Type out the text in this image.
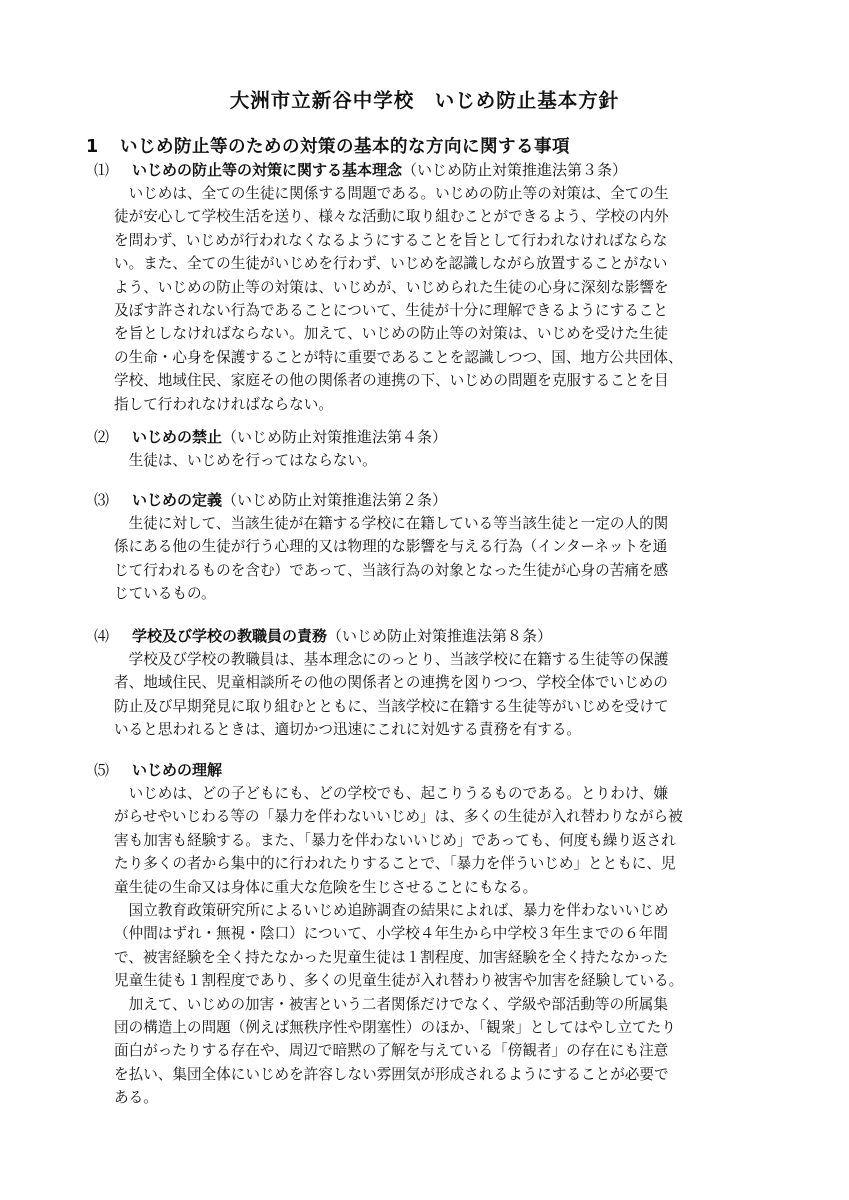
大洲市立新谷中学校　いじめ防止基本方針
1 いじめ防止等のための対策の基本的な方向に関する事項
⑴ いじめの防止等の対策に関する基本理念（いじめ防止対策推進法第３条）
　いじめは、全ての生徒に関係する問題である。いじめの防止等の対策は、全ての生
徒が安心して学校生活を送り、様々な活動に取り組むことができるよう、学校の内外
を問わず、いじめが行われなくなるようにすることを旨として行われなければならな
い。また、全ての生徒がいじめを行わず、いじめを認識しながら放置することがない
よう、いじめの防止等の対策は、いじめが、いじめられた生徒の心身に深刻な影響を
及ぼす許されない行為であることについて、生徒が十分に理解できるようにすること
を旨としなければならない。加えて、いじめの防止等の対策は、いじめを受けた生徒
の生命・心身を保護することが特に重要であることを認識しつつ、国、地方公共団体、
学校、地域住民、家庭その他の関係者の連携の下、いじめの問題を克服することを目
指して行われなければならない。
⑵ いじめの禁止（いじめ防止対策推進法第４条）
　生徒は、いじめを行ってはならない。
⑶ いじめの定義（いじめ防止対策推進法第２条）
　生徒に対して、当該生徒が在籍する学校に在籍している等当該生徒と一定の人的関
係にある他の生徒が行う心理的又は物理的な影響を与える行為（インターネットを通
じて行われるものを含む）であって、当該行為の対象となった生徒が心身の苦痛を感
じているもの。
⑷ 学校及び学校の教職員の責務（いじめ防止対策推進法第８条）
　学校及び学校の教職員は、基本理念にのっとり、当該学校に在籍する生徒等の保護
者、地域住民、児童相談所その他の関係者との連携を図りつつ、学校全体でいじめの
防止及び早期発見に取り組むとともに、当該学校に在籍する生徒等がいじめを受けて
いると思われるときは、適切かつ迅速にこれに対処する責務を有する。
⑸ いじめの理解
　いじめは、どの子どもにも、どの学校でも、起こりうるものである。とりわけ、嫌
がらせやいじわる等の「暴力を伴わないいじめ」は、多くの生徒が入れ替わりながら被
害も加害も経験する。また、「暴力を伴わないいじめ」であっても、何度も繰り返され
たり多くの者から集中的に行われたりすることで、「暴力を伴ういじめ」とともに、児
童生徒の生命又は身体に重大な危険を生じさせることにもなる。
　国立教育政策研究所によるいじめ追跡調査の結果によれば、暴力を伴わないいじめ
（仲間はずれ・無視・陰口）について、小学校４年生から中学校３年生までの６年間
で、被害経験を全く持たなかった児童生徒は１割程度、加害経験を全く持たなかった
児童生徒も１割程度であり、多くの児童生徒が入れ替わり被害や加害を経験している。
　加えて、いじめの加害・被害という二者関係だけでなく、学級や部活動等の所属集
団の構造上の問題（例えば無秩序性や閉塞性）のほか、「観衆」としてはやし立てたり
面白がったりする存在や、周辺で暗黙の了解を与えている「傍観者」の存在にも注意
を払い、集団全体にいじめを許容しない雰囲気が形成されるようにすることが必要で
ある。
